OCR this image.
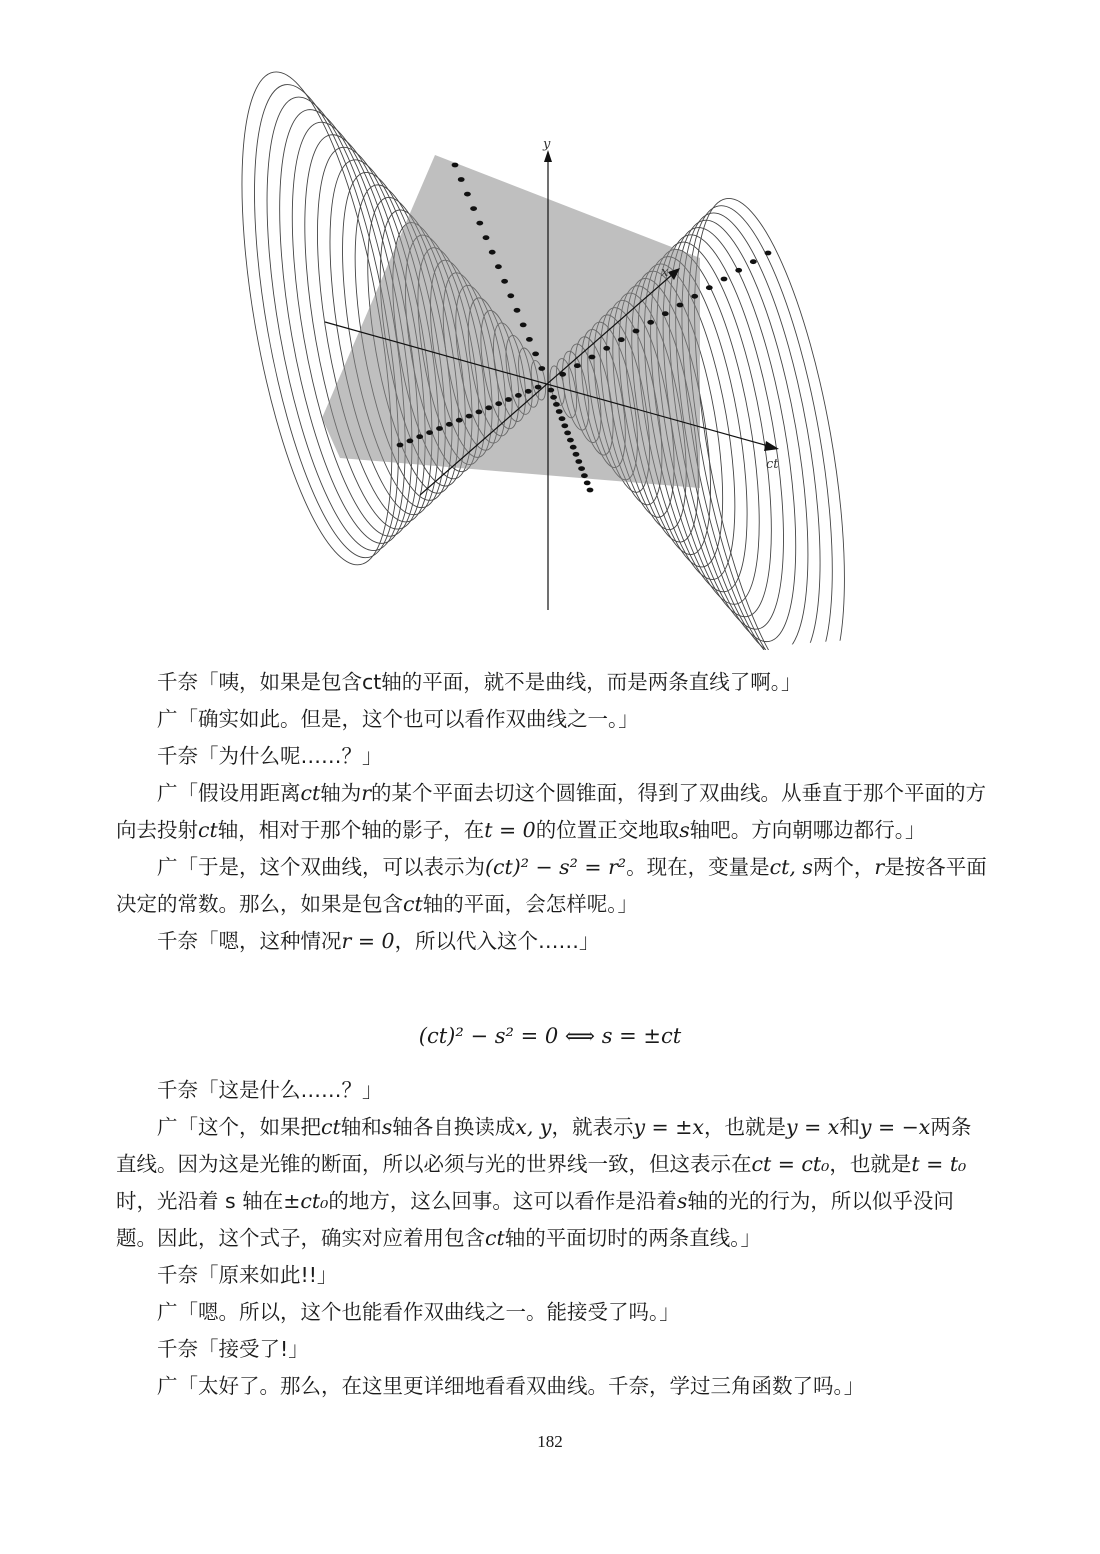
y
x
ct

千奈「咦，如果是包含ct轴的平面，就不是曲线，而是两条直线了啊。」

广「确实如此。但是，这个也可以看作双曲线之一。」

千奈「为什么呢……？」

广「假设用距离ct轴为r的某个平面去切这个圆锥面，得到了双曲线。从垂直于那个平面的方向去投射ct轴，相对于那个轴的影子，在t = 0的位置正交地取s轴吧。方向朝哪边都行。」

广「于是，这个双曲线，可以表示为(ct)² − s² = r²。现在，变量是ct, s两个，r是按各平面决定的常数。那么，如果是包含ct轴的平面，会怎样呢。」

千奈「嗯，这种情况r = 0，所以代入这个……」

(ct)² − s² = 0 ⟺ s = ±ct

千奈「这是什么……？」

广「这个，如果把ct轴和s轴各自换读成x, y，就表示y = ±x，也就是y = x和y = −x两条直线。因为这是光锥的断面，所以必须与光的世界线一致，但这表示在ct = ct₀，也就是t = t₀时，光沿着 s 轴在±ct₀的地方，这么回事。这可以看作是沿着s轴的光的行为，所以似乎没问题。因此，这个式子，确实对应着用包含ct轴的平面切时的两条直线。」

千奈「原来如此!!」

广「嗯。所以，这个也能看作双曲线之一。能接受了吗。」

千奈「接受了!」

广「太好了。那么，在这里更详细地看看双曲线。千奈，学过三角函数了吗。」

182
